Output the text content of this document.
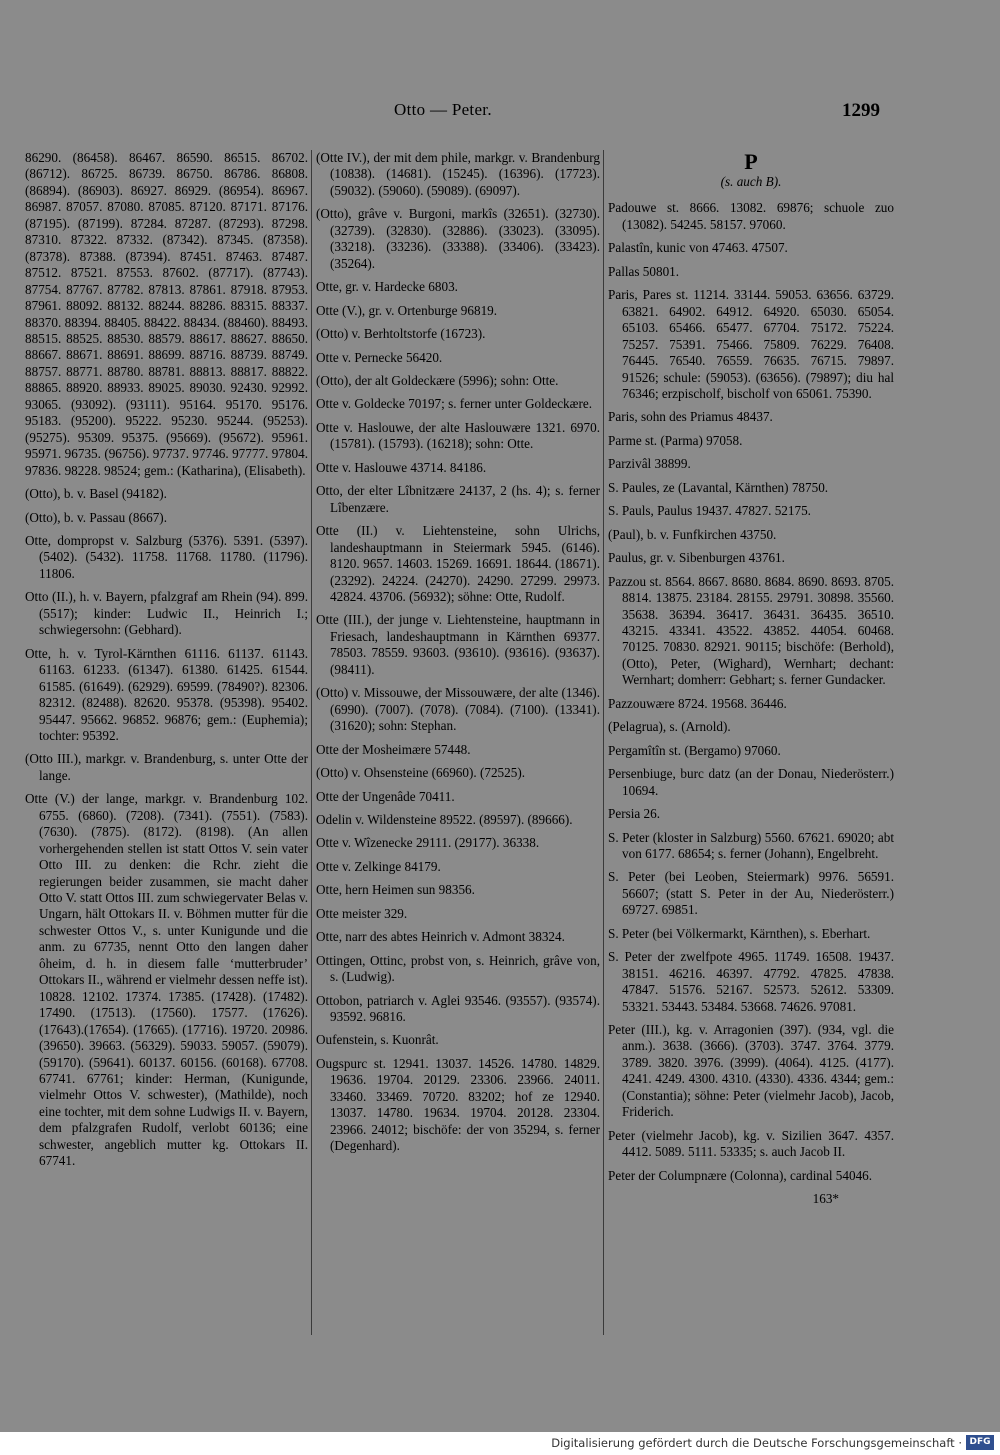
Otto — Peter.	1299
86290. (86458). 86467. 86590. 86515. 86702. (86712). 86725. 86739. 86750. 86786. 86808. (86894). (86903). 86927. 86929. (86954). 86967. 86987. 87057. 87080. 87085. 87120. 87171. 87176. (87195). (87199). 87284. 87287. (87293). 87298. 87310. 87322. 87332. (87342). 87345. (87358). (87378). 87388. (87394). 87451. 87463. 87487. 87512. 87521. 87553. 87602. (87717). (87743). 87754. 87767. 87782. 87813. 87861. 87918. 87953. 87961. 88092. 88132. 88244. 88286. 88315. 88337. 88370. 88394. 88405. 88422. 88434. (88460). 88493. 88515. 88525. 88530. 88579. 88617. 88627. 88650. 88667. 88671. 88691. 88699. 88716. 88739. 88749. 88757. 88771. 88780. 88781. 88813. 88817. 88822. 88865. 88920. 88933. 89025. 89030. 92430. 92992. 93065. (93092). (93111). 95164. 95170. 95176. 95183. (95200). 95222. 95230. 95244. (95253). (95275). 95309. 95375. (95669). (95672). 95961. 95971. 96735. (96756). 97737. 97746. 97777. 97804. 97836. 98228. 98524; gem.: (Katharina), (Elisabeth).
(Otto), b. v. Basel (94182).
(Otto), b. v. Passau (8667).
Otte, dompropst v. Salzburg (5376). 5391. (5397). (5402). (5432). 11758. 11768. 11780. (11796). 11806.
Otto (II.), h. v. Bayern, pfalzgraf am Rhein (94). 899. (5517); kinder: Ludwic II., Heinrich I.; schwiegersohn: (Gebhard).
Otte, h. v. Tyrol-Kärnthen 61116. 61137. 61143. 61163. 61233. (61347). 61380. 61425. 61544. 61585. (61649). (62929). 69599. (78490?). 82306. 82312. (82488). 82620. 95378. (95398). 95402. 95447. 95662. 96852. 96876; gem.: (Euphemia); tochter: 95392.
(Otto III.), markgr. v. Brandenburg, s. unter Otte der lange.
Otte (V.) der lange, markgr. v. Brandenburg 102. 6755. (6860). (7208). (7341). (7551). (7583). (7630). (7875). (8172). (8198). (An allen vorhergehenden stellen ist statt Ottos V. sein vater Otto III. zu denken: die Rchr. zieht die regierungen beider zusammen, sie macht daher Otto V. statt Ottos III. zum schwiegervater Belas v. Ungarn, hält Ottokars II. v. Böhmen mutter für die schwester Ottos V., s. unter Kunigunde und die anm. zu 67735, nennt Otto den langen daher ôheim, d. h. in diesem falle ‘mutterbruder’ Ottokars II., während er vielmehr dessen neffe ist). 10828. 12102. 17374. 17385. (17428). (17482). 17490. (17513). (17560). 17577. (17626). (17643).(17654). (17665). (17716). 19720. 20986. (39650). 39663. (56329). 59033. 59057. (59079). (59170). (59641). 60137. 60156. (60168). 67708. 67741. 67761; kinder: Herman, (Kunigunde, vielmehr Ottos V. schwester), (Mathilde), noch eine tochter, mit dem sohne Ludwigs II. v. Bayern, dem pfalzgrafen Rudolf, verlobt 60136; eine schwester, angeblich mutter kg. Ottokars II. 67741.
(Otte IV.), der mit dem phile, markgr. v. Brandenburg (10838). (14681). (15245). (16396). (17723). (59032). (59060). (59089). (69097).
(Otto), grâve v. Burgoni, markîs (32651). (32730). (32739). (32830). (32886). (33023). (33095). (33218). (33236). (33388). (33406). (33423). (35264).
Otte, gr. v. Hardecke 6803.
Otte (V.), gr. v. Ortenburge 96819.
(Otto) v. Berhtoltstorfe (16723).
Otte v. Pernecke 56420.
(Otto), der alt Goldeckære (5996); sohn: Otte.
Otte v. Goldecke 70197; s. ferner unter Goldeckære.
Otte v. Haslouwe, der alte Haslouwære 1321. 6970. (15781). (15793). (16218); sohn: Otte.
Otte v. Haslouwe 43714. 84186.
Otto, der elter Lîbnitzære 24137, 2 (hs. 4); s. ferner Lîbenzære.
Otte (II.) v. Liehtensteine, sohn Ulrichs, landeshauptmann in Steiermark 5945. (6146). 8120. 9657. 14603. 15269. 16691. 18644. (18671). (23292). 24224. (24270). 24290. 27299. 29973. 42824. 43706. (56932); söhne: Otte, Rudolf.
Otte (III.), der junge v. Liehtensteine, hauptmann in Friesach, landeshauptmann in Kärnthen 69377. 78503. 78559. 93603. (93610). (93616). (93637). (98411).
(Otto) v. Missouwe, der Missouwære, der alte (1346). (6990). (7007). (7078). (7084). (7100). (13341). (31620); sohn: Stephan.
Otte der Mosheimære 57448.
(Otto) v. Ohsensteine (66960). (72525).
Otte der Ungenâde 70411.
Odelin v. Wildensteine 89522. (89597). (89666).
Otte v. Wîzenecke 29111. (29177). 36338.
Otte v. Zelkinge 84179.
Otte, hern Heimen sun 98356.
Otte meister 329.
Otte, narr des abtes Heinrich v. Admont 38324.
Ottingen, Ottinc, probst von, s. Heinrich, grâve von, s. (Ludwig).
Ottobon, patriarch v. Aglei 93546. (93557). (93574). 93592. 96816.
Oufenstein, s. Kuonrât.
Ougspurc st. 12941. 13037. 14526. 14780. 14829. 19636. 19704. 20129. 23306. 23966. 24011. 33460. 33469. 70720. 83202; hof ze 12940. 13037. 14780. 19634. 19704. 20128. 23304. 23966. 24012; bischöfe: der von 35294, s. ferner (Degenhard).
P
(s. auch B).
Padouwe st. 8666. 13082. 69876; schuole zuo (13082). 54245. 58157. 97060.
Palastîn, kunic von 47463. 47507.
Pallas 50801.
Paris, Pares st. 11214. 33144. 59053. 63656. 63729. 63821. 64902. 64912. 64920. 65030. 65054. 65103. 65466. 65477. 67704. 75172. 75224. 75257. 75391. 75466. 75809. 76229. 76408. 76445. 76540. 76559. 76635. 76715. 79897. 91526; schule: (59053). (63656). (79897); diu hal 76346; erzpischolf, bischolf von 65061. 75390.
Paris, sohn des Priamus 48437.
Parme st. (Parma) 97058.
Parzivâl 38899.
S. Paules, ze (Lavantal, Kärnthen) 78750.
S. Pauls, Paulus 19437. 47827. 52175.
(Paul), b. v. Funfkirchen 43750.
Paulus, gr. v. Sibenburgen 43761.
Pazzou st. 8564. 8667. 8680. 8684. 8690. 8693. 8705. 8814. 13875. 23184. 28155. 29791. 30898. 35560. 35638. 36394. 36417. 36431. 36435. 36510. 43215. 43341. 43522. 43852. 44054. 60468. 70125. 70830. 82921. 90115; bischöfe: (Berhold), (Otto), Peter, (Wighard), Wernhart; dechant: Wernhart; domherr: Gebhart; s. ferner Gundacker.
Pazzouwære 8724. 19568. 36446.
(Pelagrua), s. (Arnold).
Pergamîtîn st. (Bergamo) 97060.
Persenbiuge, burc datz (an der Donau, Niederösterr.) 10694.
Persia 26.
S. Peter (kloster in Salzburg) 5560. 67621. 69020; abt von 6177. 68654; s. ferner (Johann), Engelbreht.
S. Peter (bei Leoben, Steiermark) 9976. 56591. 56607; (statt S. Peter in der Au, Niederösterr.) 69727. 69851.
S. Peter (bei Völkermarkt, Kärnthen), s. Eberhart.
S. Peter der zwelfpote 4965. 11749. 16508. 19437. 38151. 46216. 46397. 47792. 47825. 47838. 47847. 51576. 52167. 52573. 52612. 53309. 53321. 53443. 53484. 53668. 74626. 97081.
Peter (III.), kg. v. Arragonien (397). (934, vgl. die anm.). 3638. (3666). (3703). 3747. 3764. 3779. 3789. 3820. 3976. (3999). (4064). 4125. (4177). 4241. 4249. 4300. 4310. (4330). 4336. 4344; gem.: (Constantia); söhne: Peter (vielmehr Jacob), Jacob, Friderich.
Peter (vielmehr Jacob), kg. v. Sizilien 3647. 4357. 4412. 5089. 5111. 53335; s. auch Jacob II.
Peter der Columpnære (Colonna), cardinal 54046.
163*
Digitalisierung gefördert durch die Deutsche Forschungsgemeinschaft · DFG
